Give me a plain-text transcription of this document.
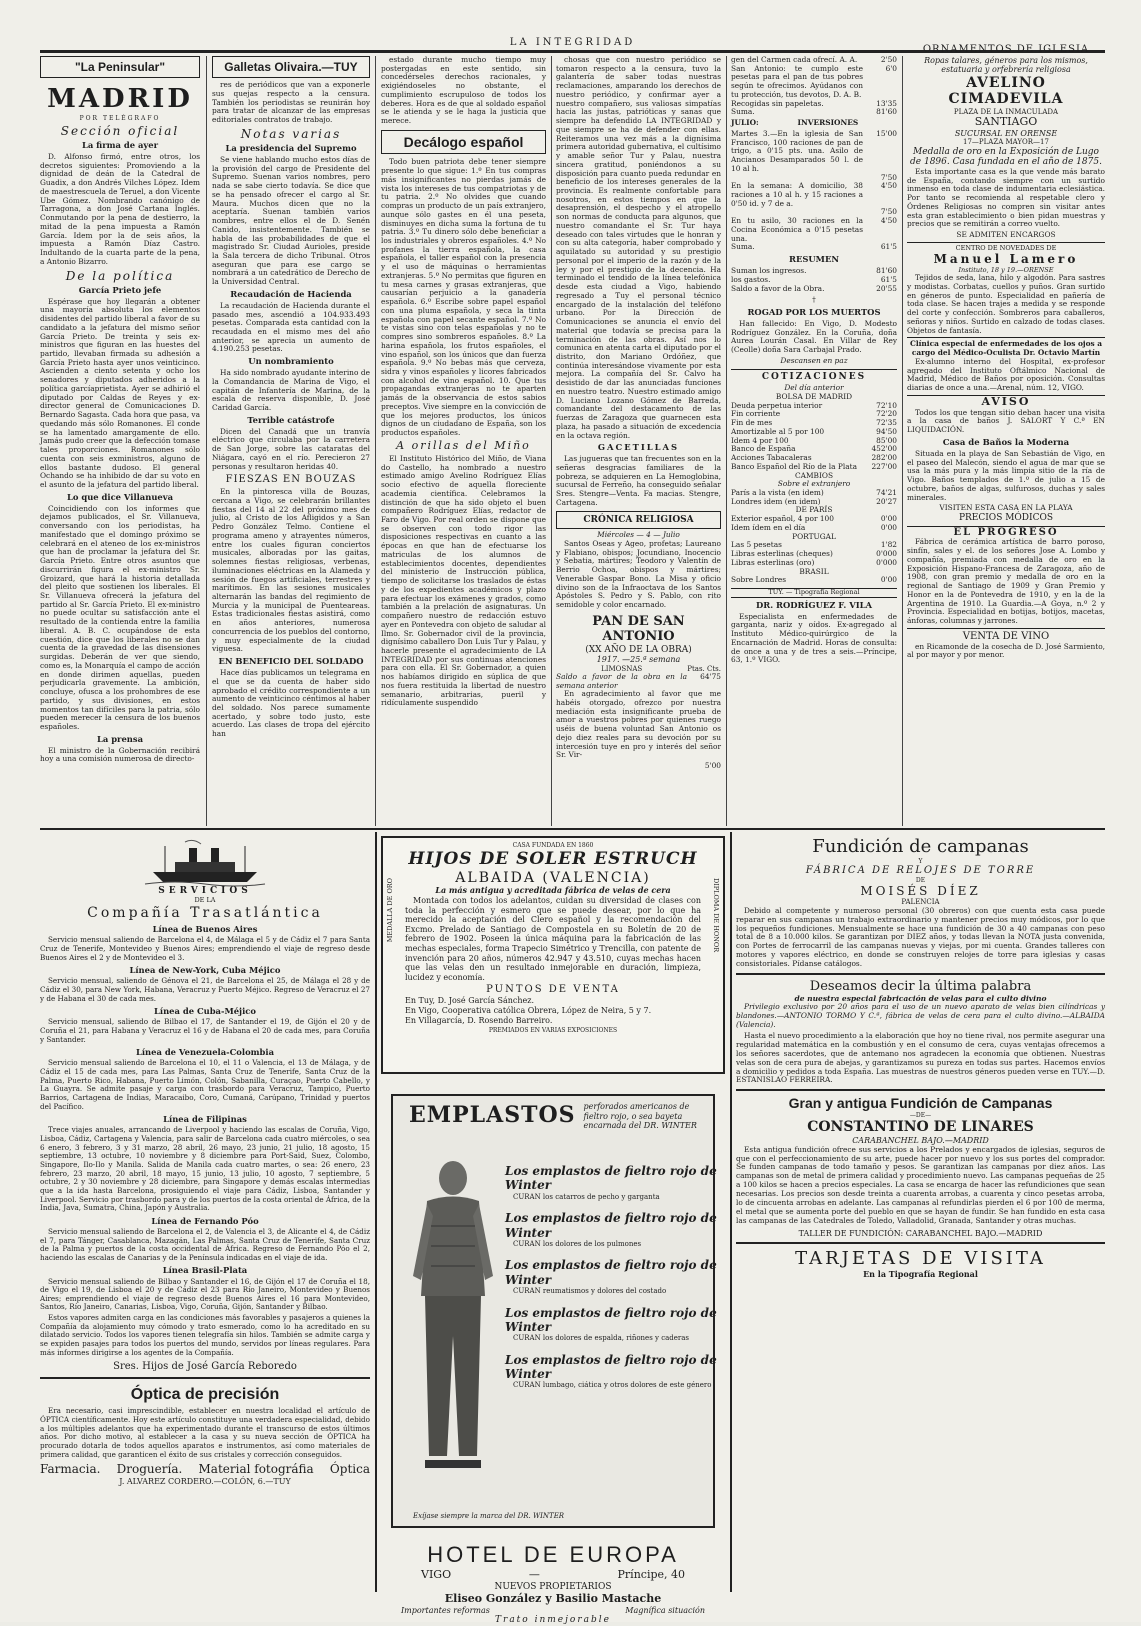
LA INTEGRIDAD
"La Peninsular"
MADRID
POR TELÉGRAFO
Sección oficial
La firma de ayer

D. Alfonso firmó, entre otros, los decretos siguientes: Promoviendo a la dignidad de deán de la Catedral de Guadix, a don Andrés Vilches López. Idem de maestrescuela de Teruel, a don Vicente Ube Gómez. Nombrando canónigo de Tarragona, a don José Cartana Inglés. Conmutando por la pena de destierro, la mitad de la pena impuesta a Ramón García. Idem por la de seis años, la impuesta a Ramón Díaz Castro. Indultando de la cuarta parte de la pena, a Antonio Bizarro.

De la política
García Prieto jefe

Espérase que hoy llegarán a obtener una mayoría absoluta los elementos disidentes del partido liberal a favor de su candidato a la jefatura del mismo señor García Prieto. De treinta y seis ex-ministros que figuran en las huestes del partido, llevaban firmada su adhesión a García Prieto hasta ayer unos veinticinco. Ascienden a ciento setenta y ocho los senadores y diputados adheridos a la política garcíaprietista. Ayer se adhirió el diputado por Caldas de Reyes y ex-director general de Comunicaciones D. Bernardo Sagasta. Cada hora que pasa, va quedando más sólo Romanones. El conde se ha lamentado amargamente de ello. Jamás pudo creer que la defección tomase tales proporciones. Romanones sólo cuenta con seis exministros, alguno de ellos bastante dudoso. El general Ochando se ha inhibido de dar su voto en el asunto de la jefatura del partido liberal.

Lo que dice Villanueva

Coincidiendo con los informes que dejamos publicados, el Sr. Villanueva, conversando con los periodistas, ha manifestado que el domingo próximo se celebrará en el ateneo de los ex-ministros que han de proclamar la jefatura del Sr. García Prieto. Entre otros asuntos que discurrirán figura el ex-ministro Sr. Groizard, que hará la historia detallada del pleito que sostienen los liberales. El Sr. Villanueva ofrecerá la jefatura del partido al Sr. García Prieto. El ex-ministro no puede ocultar su satisfacción ante el resultado de la contienda entre la familia liberal. A. B. C. ocupándose de esta cuestión, dice que los liberales no se dan cuenta de la gravedad de las disensiones surgidas. Deberán de ver que siendo, como es, la Monarquía el campo de acción en donde dirimen aquellas, pueden perjudicarla gravemente. La ambición, concluye, ofusca a los prohombres de ese partido, y sus divisiones, en estos momentos tan difíciles para la patria, sólo pueden merecer la censura de los buenos españoles.

La prensa

El ministro de la Gobernación recibirá hoy a una comisión numerosa de directo-

Galletas Olivaira.—TUY

res de periódicos que van a exponerle sus quejas respecto a la censura. También los periodistas se reunirán hoy para tratar de alcanzar de las empresas editoriales contratos de trabajo.

Notas varias
La presidencia del Supremo

Se viene hablando mucho estos días de la provisión del cargo de Presidente del Supremo. Suenan varios nombres, pero nada se sabe cierto todavía. Se dice que se ha pensado ofrecer el cargo al Sr. Maura. Muchos dicen que no la aceptaría. Suenan también varios nombres, entre ellos el de D. Senén Canido, insistentemente. También se habla de las probabilidades de que el magistrado Sr. Ciudad Aurioles, preside la Sala tercera de dicho Tribunal. Otros aseguran que para ese cargo se nombrará a un catedrático de Derecho de la Universidad Central.

Recaudación de Hacienda

La recaudación de Hacienda durante el pasado mes, ascendió a 104.933.493 pesetas. Comparada esta cantidad con la recaudada en el mismo mes del año anterior, se aprecia un aumento de 4.190.253 pesetas.

Un nombramiento

Ha sido nombrado ayudante interino de la Comandancia de Marina de Vigo, el capitán de Infantería de Marina, de la escala de reserva disponible, D. José Caridad García.

Terrible catástrofe

Dicen del Canadá que un tranvía eléctrico que circulaba por la carretera de San Jorge, sobre las cataratas del Niágara, cayó en el río. Perecieron 27 personas y resultaron heridas 40.

FIESZAS EN BOUZAS

En la pintoresca villa de Bouzas, cercana a Vigo, se celebrarán brillantes fiestas del 14 al 22 del próximo mes de julio, al Cristo de los Afligidos y a San Pedro González Telmo. Contiene el programa ameno y atrayentes números, entre los cuales figuran conciertos musicales, alboradas por las gaitas, solemnes fiestas religiosas, verbenas, iluminaciones eléctricas en la Alameda y sesión de fuegos artificiales, terrestres y marítimos. En las sesiones musicales alternarán las bandas del regimiento de Murcia y la municipal de Puenteareas. Estas tradicionales fiestas asistirá, como en años anteriores, numerosa concurrencia de los pueblos del contorno, y muy especialmente de la ciudad viguesa.

EN BENEFICIO DEL SOLDADO

Hace días publicamos un telegrama en el que se da cuenta de haber sido aprobado el crédito correspondiente a un aumento de veinticinco céntimos al haber del soldado. Nos parece sumamente acertado, y sobre todo justo, este acuerdo. Las clases de tropa del ejército han

estado durante mucho tiempo muy postergadas en este sentido, sin concedérseles derechos racionales, y exigiéndoseles no obstante, el cumplimiento escrupuloso de todos los deberes. Hora es de que al soldado español se le atienda y se le haga la justicia que merece.

Decálogo español

Todo buen patriota debe tener siempre presente lo que sigue: 1.º En tus compras más insignificantes no pierdas jamás de vista los intereses de tus compatriotas y de tu patria. 2.º No olvides que cuando compras un producto de un país extranjero, aunque sólo gastes en él una peseta, disminuyes en dicha suma la fortuna de tu patria. 3.º Tu dinero sólo debe beneficiar a los industriales y obreros españoles. 4.º No profanes la tierra española, la casa española, el taller español con la presencia y el uso de máquinas o herramientas extranjeras. 5.º No permitas que figuren en tu mesa carnes y grasas extranjeras, que causarían perjuicio a la ganadería española. 6.º Escribe sobre papel español con una pluma española, y seca la tinta española con papel secante español. 7.º No te vistas sino con telas españolas y no te compres sino sombreros españoles. 8.º La harina española, los frutos españoles, el vino español, son los únicos que dan fuerza española. 9.º No bebas más que cerveza, sidra y vinos españoles y licores fabricados con alcohol de vino español. 10. Que tus propagandas extranjeras no te aparten jamás de la observancia de estos sabios preceptos. Vive siempre en la convicción de que los mejores productos, los únicos dignos de un ciudadano de España, son los productos españoles.

A orillas del Miño

El Instituto Histórico del Miño, de Viana do Castello, ha nombrado a nuestro estimado amigo Avelino Rodríguez Elías socio efectivo de aquella floreciente academia científica. Celebramos la distinción de que ha sido objeto el buen compañero Rodríguez Elías, redactor de Faro de Vigo. Por real orden se dispone que se observen con todo rigor las disposiciones respectivas en cuanto a las épocas en que han de efectuarse los matriculas de los alumnos de establecimientos docentes, dependientes del ministerio de Instrucción pública, tiempo de solicitarse los traslados de éstas y de los expedientes académicos y plazo para efectuar los exámenes y grados, como también a la prelación de asignaturas. Un compañero nuestro de redacción estuvo ayer en Pontevedra con objeto de saludar al Ilmo. Sr. Gobernador civil de la provincia, dignísimo caballero Don Luis Tur y Palau, y hacerle presente el agradecimiento de LA INTEGRIDAD por sus continuas atenciones para con ella. El Sr. Gobernador, a quien nos habíamos dirigido en súplica de que nos fuera restituida la libertad de nuestro semanario, arbitrarias, pueril y ridículamente suspendido

chosas que con nuestro periódico se tomaron respecto a la censura, tuvo la galantería de saber todas nuestras reclamaciones, amparando los derechos de nuestro periódico, y confirmar ayer a nuestro compañero, sus valiosas simpatías hacia las justas, patrióticas y sanas que siempre ha defendido LA INTEGRIDAD y que siempre se ha de defender con ellas. Reiteramos una vez más a la dignísima primera autoridad gubernativa, el cultísimo y amable señor Tur y Palau, nuestra sincera gratitud, poniéndonos a su disposición para cuanto pueda redundar en beneficio de los intereses generales de la provincia. Es realmente confortable para nosotros, en estos tiempos en que la desaprensión, el despecho y el atropello son normas de conducta para algunos, que nuestro comandante el Sr. Tur haya deseado con tales virtudes que le honran y con su alta categoría, haber comprobado y aquilatado su autoridad y su prestigio personal por el imperio de la razón y de la ley y por el prestigio de la decencia. Ha terminado el tendido de la línea telefónica desde esta ciudad a Vigo, habiendo regresado a Tuy el personal técnico encargado de la instalación del teléfono urbano. Por la Dirección de Comunicaciones se anuncia el envío del material que todavía se precisa para la terminación de las obras. Así nos lo comunica en atenta carta el diputado por el distrito, don Mariano Ordóñez, que continúa interesándose vivamente por esta mejora. La compañía del Sr. Calvo ha desistido de dar las anunciadas funciones en nuestro teatro. Nuestro estimado amigo D. Luciano Lozano Gómez de Barreda, comandante del destacamento de las fuerzas de Zaragoza que guarnecen esta plaza, ha pasado a situación de excedencia en la octava región.

GACETILLAS

Las jugueras que tan frecuentes son en la señeras desgracias familiares de la pobreza, se adquieren en La Hemoglobina, sucursal de Ferreño, ha conseguido señalar Sres. Stengre—Venta. Fa macias. Stengre, Cartagena.

CRÓNICA RELIGIOSA
Miércoles — 4 — Julio

Santos Oseas y Ageo, profetas; Laureano y Flabiano, obispos; Jocundiano, Inocencio y Sebatia, mártires; Teodoro y Valentín de Berrio Ochoa, obispos y mártires; Venerable Gaspar Bono. La Misa y oficio divino son de la Infraoctava de los Santos Apóstoles S. Pedro y S. Pablo, con rito semidoble y color encarnado.

PAN DE SAN ANTONIO
(XX AÑO DE LA OBRA)
1917. —25.ª semana
LIMOSNAS	Ptas. Cts.
Saldo a favor de la obra en la semana anterior
64'75

En agradecimiento al favor que me habéis otorgado, ofrezco por nuestra mediación esta insignificante prueba de amor a vuestros pobres por quienes ruego uséis de buena voluntad San Antonio os dejo diez reales para su devoción por su intercesión tuye en pro y interés del señor Sr. Vir-

5'00
gen del Carmen cada ofrecí. A. A.	2'50
San Antonio: te cumplo este pesetas para el pan de tus pobres según te ofrecimos. Ayúdanos con tu protección, tus devotos, D. A. B.
6'0
Recogidas sin papeletas.	13'35
Suma.	81'60
JULIO:	INVERSIONES
Martes 3.—En la iglesia de San Francisco, 100 raciones de pan de trigo, a 0'15 pts. una. Asilo de Ancianos Desamparados 50 l. de 10 al h.
15'00
7'50
En la semana: A domicilio, 38 raciones a 10 al h. y 15 raciones a 0'50 id. y 7 de a.
4'50
7'50
En tu asilo, 30 raciones en la Cocina Económica a 0'15 pesetas una.
4'50
Suma.	61'5
RESUMEN
Suman los ingresos.	81'60
los gastos.	61'5
Saldo a favor de la Obra.	20'55
†
ROGAD POR LOS MUERTOS

Han fallecido: En Vigo, D. Modesto Rodríguez González. En la Coruña, doña Aurea Lourán Casal. En Villar de Rey (Ceolle) doña Sara Carbajal Prado.

Descansen en paz
COTIZACIONES
Del día anterior
BOLSA DE MADRID
Deuda perpetua interior	72'10
Fin corriente	72'20
Fin de mes	72'35
Amortizable al 5 por 100	94'50
Idem 4 por 100	85'00
Banco de España	452'00
Acciones Tabacaleras	282'00
Banco Español del Río de la Plata	227'00
CAMBIOS
Sobre el extranjero
París a la vista (en idem)	74'21
Londres idem (en idem)	20'27
DE PARÍS
Exterior español, 4 por 100	0'00
Idem ídem en el día	0'00
PORTUGAL
Las 5 pesetas	1'82
Libras esterlinas (cheques)	0'000
Libras esterlinas (oro)	0'000
BRASIL
Sobre Londres	0'00
TUY. — Tipografía Regional
DR. RODRÍGUEZ F. VILA

Especialista en enfermedades de garganta, nariz y oídos. Ex-agregado al Instituto Médico-quirúrgico de la Encarnación de Madrid. Horas de consulta: de once a una y de tres a seis.—Príncipe, 63, 1.º VIGO.

ORNAMENTOS DE IGLESIA
Ropas talares, géneros para los mismos, estatuaria y orfebrería religiosa
AVELINO CIMADEVILA
PLAZA DE LA INMACULADA
SANTIAGO
SUCURSAL EN ORENSE
17—PLAZA MAYOR—17
Medalla de oro en la Exposición de Lugo de 1896. Casa fundada en el año de 1875.

Esta importante casa es la que vende más barato de España, contando siempre con un surtido inmenso en toda clase de indumentaria eclesiástica. Por tanto se recomienda al respetable clero y Órdenes Religiosas no compren sin visitar antes esta gran establecimiento o bien pidan muestras y precios que se remitirán a correo vuelto.

SE ADMITEN ENCARGOS
CENTRO DE NOVEDADES DE
Manuel Lamero
Instituto, 18 y 19.—ORENSE

Tejidos de seda, lana, hilo y algodón. Para sastres y modistas. Corbatas, cuellos y puños. Gran surtido en géneros de punto. Especialidad en pañería de toda clase. Se hacen trajes a medida y se responde del corte y confección. Sombreros para caballeros, señoras y niños. Surtido en calzado de todas clases. Objetos de fantasía.

Clínica especial de enfermedades de los ojos a cargo del Médico-Oculista Dr. Octavio Martín

Ex-alumno interno del Hospital, ex-profesor agregado del Instituto Oftálmico Nacional de Madrid, Médico de Baños por oposición. Consultas diarias de once a una.—Arenal, núm. 12, VIGO.

AVISO

Todos los que tengan sitio deban hacer una visita a la casa de baños J. SALORT Y C.ª EN LIQUIDACIÓN.

Casa de Baños la Moderna

Situada en la playa de San Sebastián de Vigo, en el paseo del Malecón, siendo el agua de mar que se usa la más pura y la más limpia sitio de la ría de Vigo. Baños templados de 1.º de julio a 15 de octubre, baños de algas, sulfurosos, duchas y sales minerales.

VISITEN ESTA CASA EN LA PLAYA
PRECIOS MÓDICOS
EL PROGRESO

Fábrica de cerámica artística de barro poroso, sinfín, sales y el. de los señores Jose A. Lombo y compañía, premiada con medalla de oro en la Exposición Hispano-Francesa de Zaragoza, año de 1908, con gran premio y medalla de oro en la regional de Santiago de 1909 y Gran Premio y Honor en la de Pontevedra de 1910, y en la de la Argentina de 1910. La Guardia.—A Goya, n.º 2 y Provincia. Especialidad en botijas, botijos, macetas, ánforas, columnas y jarrones.

VENTA DE VINO

en Ricamonde de la cosecha de D. José Sarmiento, al por mayor y por menor.

SERVICIOS
DE LA
Compañía Trasatlántica
Línea de Buenos Aires

Servicio mensual saliendo de Barcelona el 4, de Málaga el 5 y de Cádiz el 7 para Santa Cruz de Tenerife, Montevideo y Buenos Aires; emprendiendo el viaje de regreso desde Buenos Aires el 2 y de Montevideo el 3.

Línea de New-York, Cuba Méjico

Servicio mensual, saliendo de Génova el 21, de Barcelona el 25, de Málaga el 28 y de Cádiz el 30, para New York, Habana, Veracruz y Puerto Méjico. Regreso de Veracruz el 27 y de Habana el 30 de cada mes.

Línea de Cuba-Méjico

Servicio mensual, saliendo de Bilbao el 17, de Santander el 19, de Gijón el 20 y de Coruña el 21, para Habana y Veracruz el 16 y de Habana el 20 de cada mes, para Coruña y Santander.

Línea de Venezuela-Colombia

Servicio mensual saliendo de Barcelona el 10, el 11 o Valencia, el 13 de Málaga, y de Cádiz el 15 de cada mes, para Las Palmas, Santa Cruz de Tenerife, Santa Cruz de la Palma, Puerto Rico, Habana, Puerto Limón, Colón, Sabanilla, Curaçao, Puerto Cabello, y La Guayra. Se admite pasaje y carga con trasbordo para Veracruz, Tampico, Puerto Barrios, Cartagena de Indias, Maracaibo, Coro, Cumaná, Carúpano, Trinidad y puertos del Pacífico.

Línea de Filipinas

Trece viajes anuales, arrancando de Liverpool y haciendo las escalas de Coruña, Vigo, Lisboa, Cádiz, Cartagena y Valencia, para salir de Barcelona cada cuatro miércoles, o sea 6 enero, 3 febrero, 3 y 31 marzo, 28 abril, 26 mayo, 23 junio, 21 julio, 18 agosto, 15 septiembre, 13 octubre, 10 noviembre y 8 diciembre para Port-Said, Suez, Colombo, Singapore, Ilo-Ilo y Manila. Salida de Manila cada cuatro martes, o sea: 26 enero, 23 febrero, 23 marzo, 20 abril, 18 mayo, 15 junio, 13 julio, 10 agosto, 7 septiembre, 5 octubre, 2 y 30 noviembre y 28 diciembre, para Singapore y demás escalas intermedias que a la ida hasta Barcelona, prosiguiendo el viaje para Cádiz, Lisboa, Santander y Liverpool. Servicio por trasbordo para y de los puertos de la costa oriental de África, de la India, Java, Sumatra, China, Japón y Australia.

Línea de Fernando Póo

Servicio mensual saliendo de Barcelona el 2, de Valencia el 3, de Alicante el 4, de Cádiz el 7, para Tánger, Casablanca, Mazagán, Las Palmas, Santa Cruz de Tenerife, Santa Cruz de la Palma y puertos de la costa occidental de África. Regreso de Fernando Póo el 2, haciendo las escalas de Canarias y de la Península indicadas en el viaje de ida.

Línea Brasil-Plata

Servicio mensual saliendo de Bilbao y Santander el 16, de Gijón el 17 de Coruña el 18, de Vigo el 19, de Lisboa el 20 y de Cádiz el 23 para Río Janeiro, Montevideo y Buenos Aires; emprendiendo el viaje de regreso desde Buenos Aires el 16 para Montevideo, Santos, Río Janeiro, Canarias, Lisboa, Vigo, Coruña, Gijón, Santander y Bilbao.

Estos vapores admiten carga en las condiciones más favorables y pasajeros a quienes la Compañía da alojamiento muy cómodo y trato esmerado, como lo ha acreditado en su dilatado servicio. Todos los vapores tienen telegrafía sin hilos. También se admite carga y se expiden pasajes para todos los puertos del mundo, servidos por líneas regulares. Para más informes dirigirse a los agentes de la Compañía.

Sres. Hijos de José García Reboredo
Óptica de precisión

Era necesario, casi imprescindible, establecer en nuestra localidad el artículo de ÓPTICA científicamente. Hoy este artículo constituye una verdadera especialidad, debido a los múltiples adelantos que ha experimentado durante el transcurso de estos últimos años. Por dicho motivo, al establecer a la casa y su nueva sección de ÓPTICA ha procurado dotarla de todos aquellos aparatos e instrumentos, así como materiales de primera calidad, que garanticen el éxito de sus cristales y corrección conseguidos.

Farmacia. Droguería. Material fotográfia Óptica
J. ALVAREZ CORDERO.—COLÓN, 6.—TUY
MEDALLA DE ORO	DIPLOMA DE HONOR
CASA FUNDADA EN 1860
HIJOS DE SOLER ESTRUCH
ALBAIDA (VALENCIA)
La más antigua y acreditada fábrica de velas de cera

Montada con todos los adelantos, cuidan su diversidad de clases con toda la perfección y esmero que se puede desear, por lo que ha merecido la aceptación del Clero español y la recomendación del Excmo. Prelado de Santiago de Compostela en su Boletín de 20 de febrero de 1902. Poseen la única máquina para la fabricación de las mechas especiales, forma Trapecio Simétrico y Trencilla, con patente de invención para 20 años, números 42.947 y 43.510, cuyas mechas hacen que las velas den un resultado inmejorable en duración, limpieza, lucidez y economía.

PUNTOS DE VENTA
En Tuy, D. José García Sánchez.
En Vigo, Cooperativa católica Obrera, López de Neira, 5 y 7.
En Villagarcía, D. Rosendo Barreiro.
PREMIADOS EN VARIAS EXPOSICIONES
EMPLASTOS perforados americanos de fieltro rojo, o sea bayeta encarnada del DR. WINTER
Los emplastos de fieltro rojo de Winter
CURAN los catarros de pecho y garganta
Los emplastos de fieltro rojo de Winter
CURAN los dolores de los pulmones
Los emplastos de fieltro rojo de Winter
CURAN reumatismos y dolores del costado
Los emplastos de fieltro rojo de Winter
CURAN los dolores de espalda, riñones y caderas
Los emplastos de fieltro rojo de Winter
CURAN lumbago, ciática y otros dolores de este género
Exíjase siempre la marca del DR. WINTER
HOTEL DE EUROPA
VIGO	—	Príncipe, 40
NUEVOS PROPIETARIOS
Eliseo González y Basilio Mastache
Importantes reformas	Magnífica situación
Trato inmejorable
Fundición de campanas
Y
FÁBRICA DE RELOJES DE TORRE
DE
MOISÉS DÍEZ
PALENCIA

Debido al competente y numeroso personal (30 obreros) con que cuenta esta casa puede reparar en sus campanas un trabajo extraordinario y mantener precios muy módicos, por lo que los pequeños fundiciones. Mensualmente se hace una fundición de 30 a 40 campanas con peso total de 8 a 10.000 kilos. Se garantizan por DIEZ años, y todas llevan la NOTA justa convenida, con Portes de ferrocarril de las campanas nuevas y viejas, por mi cuenta. Grandes talleres con motores y vapores eléctrico, en donde se construyen relojes de torre para iglesias y casas consistoriales. Pídanse catálogos.

Deseamos decir la última palabra
de nuestra especial fabricación de velas para el culto divino

Privilegio exclusivo por 20 años para el uso de un nuevo aparato de velas bien cilíndricas y blandones.—ANTONIO TORMO Y C.ª, fábrica de velas de cera para el culto divino.—ALBAIDA (Valencia).

Hasta el nuevo procedimiento a la elaboración que hoy no tiene rival, nos permite asegurar una regularidad matemática en la combustión y en el consumo de cera, cuyas ventajas ofrecemos a los señores sacerdotes, que de antemano nos agradecen la economía que obtienen. Nuestras velas son de cera pura de abejas, y garantizamos su pureza en todas sus partes. Hacemos envíos a domicilio y pedidos a toda España. Las muestras de nuestros géneros pueden verse en TUY.—D. ESTANISLAO FERREIRA.

Gran y antigua Fundición de Campanas
—DE—
CONSTANTINO DE LINARES
CARABANCHEL BAJO.—MADRID

Esta antigua fundición ofrece sus servicios a los Prelados y encargados de iglesias, seguros de que con el perfeccionamiento de su arte, puede hacer por nuevo y los sus portes del comprador. Se funden campanas de todo tamaño y pesos. Se garantizan las campanas por diez años. Las campanas son de metal de primera calidad y procedimiento nuevo. Las campanas pequeñas de 25 a 100 kilos se hacen a precios especiales. La casa se encarga de hacer las refundiciones que sean necesarias. Los precios son desde treinta a cuarenta arrobas, a cuarenta y cinco pesetas arroba, lo de cincuenta arrobas en adelante. Las campanas al refundirlas pierden el 6 por 100 de merma, el metal que se aumenta porte del pueblo en que se hayan de fundir. Se han fundido en esta casa las campanas de las Catedrales de Toledo, Valladolid, Granada, Santander y otras muchas.

TALLER DE FUNDICIÓN: CARABANCHEL BAJO.—MADRID
TARJETAS DE VISITA
En la Tipografía Regional
